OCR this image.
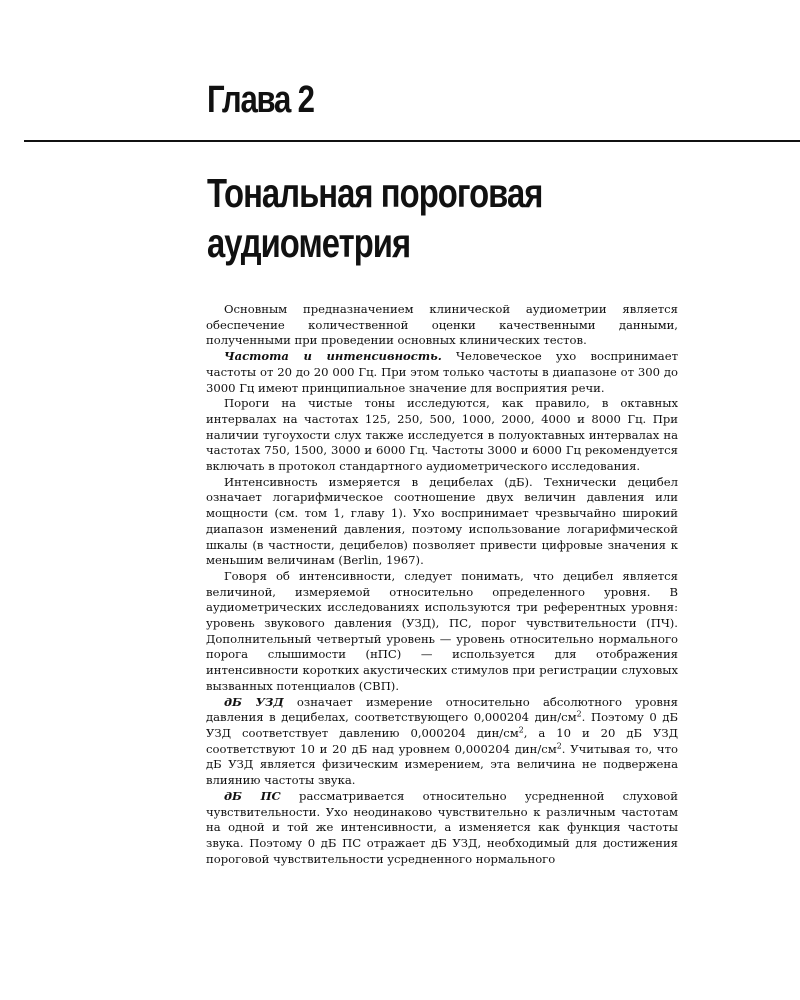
Глава 2
Тональная пороговая
аудиометрия

Основным предназначением клинической аудиометрии является обеспечение количественной оценки качественными данными, полученными при проведении основных клинических тестов.

Частота и интенсивность. Человеческое ухо воспринимает частоты от 20 до 20 000 Гц. При этом только частоты в диапазоне от 300 до 3000 Гц имеют принципиальное значение для восприятия речи.

Пороги на чистые тоны исследуются, как правило, в октавных интервалах на частотах 125, 250, 500, 1000, 2000, 4000 и 8000 Гц. При наличии тугоухости слух также исследуется в полуоктавных интервалах на частотах 750, 1500, 3000 и 6000 Гц. Частоты 3000 и 6000 Гц рекомендуется включать в протокол стандартного аудиометрического исследования.

Интенсивность измеряется в децибелах (дБ). Технически децибел означает логарифмическое соотношение двух величин давления или мощности (см. том 1, главу 1). Ухо воспринимает чрезвычайно широкий диапазон изменений давления, поэтому использование логарифмической шкалы (в частности, децибелов) позволяет привести цифровые значения к меньшим величинам (Berlin, 1967).

Говоря об интенсивности, следует понимать, что децибел является величиной, измеряемой относительно определенного уровня. В аудиометрических исследованиях используются три референтных уровня: уровень звукового давления (УЗД), ПС, порог чувствительности (ПЧ). Дополнительный четвертый уровень — уровень относительно нормального порога слышимости (нПС) — используется для отображения интенсивности коротких акустических стимулов при регистрации слуховых вызванных потенциалов (СВП).

дБ УЗД означает измерение относительно абсолютного уровня давления в децибелах, соответствующего 0,000204 дин/$см^2$. Поэтому 0 дБ УЗД соответствует давлению 0,000204 дин/$см^2$, а 10 и 20 дБ УЗД соответствуют 10 и 20 дБ над уровнем 0,000204 дин/$см^2$. Учитывая то, что дБ УЗД является физическим измерением, эта величина не подвержена влиянию частоты звука.

дБ ПС рассматривается относительно усредненной слуховой чувствительности. Ухо неодинаково чувствительно к различным частотам на одной и той же интенсивности, а изменяется как функция частоты звука. Поэтому 0 дБ ПС отражает дБ УЗД, необходимый для достижения пороговой чувствительности усредненного нормального
